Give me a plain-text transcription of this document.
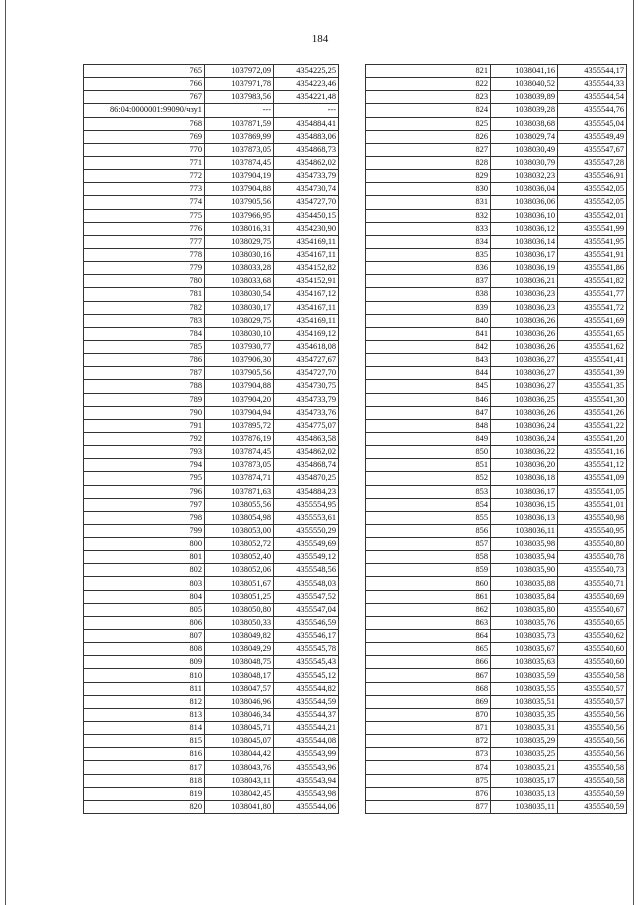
184
765	1037972,09	4354225,25
766	1037971,78	4354223,46
767	1037983,56	4354221,48
86:04:0000001:99090/чзу1	---	---
768	1037871,59	4354884,41
769	1037869,99	4354883,06
770	1037873,05	4354868,73
771	1037874,45	4354862,02
772	1037904,19	4354733,79
773	1037904,88	4354730,74
774	1037905,56	4354727,70
775	1037966,95	4354450,15
776	1038016,31	4354230,90
777	1038029,75	4354169,11
778	1038030,16	4354167,11
779	1038033,28	4354152,82
780	1038033,68	4354152,91
781	1038030,54	4354167,12
782	1038030,17	4354167,11
783	1038029,75	4354169,11
784	1038030,10	4354169,12
785	1037930,77	4354618,08
786	1037906,30	4354727,67
787	1037905,56	4354727,70
788	1037904,88	4354730,75
789	1037904,20	4354733,79
790	1037904,94	4354733,76
791	1037895,72	4354775,07
792	1037876,19	4354863,58
793	1037874,45	4354862,02
794	1037873,05	4354868,74
795	1037874,71	4354870,25
796	1037871,63	4354884,23
797	1038055,56	4355554,95
798	1038054,98	4355553,61
799	1038053,00	4355550,29
800	1038052,72	4355549,69
801	1038052,40	4355549,12
802	1038052,06	4355548,56
803	1038051,67	4355548,03
804	1038051,25	4355547,52
805	1038050,80	4355547,04
806	1038050,33	4355546,59
807	1038049,82	4355546,17
808	1038049,29	4355545,78
809	1038048,75	4355545,43
810	1038048,17	4355545,12
811	1038047,57	4355544,82
812	1038046,96	4355544,59
813	1038046,34	4355544,37
814	1038045,71	4355544,21
815	1038045,07	4355544,08
816	1038044,42	4355543,99
817	1038043,76	4355543,96
818	1038043,11	4355543,94
819	1038042,45	4355543,98
820	1038041,80	4355544,06
821	1038041,16	4355544,17
822	1038040,52	4355544,33
823	1038039,89	4355544,54
824	1038039,28	4355544,76
825	1038038,68	4355545,04
826	1038029,74	4355549,49
827	1038030,49	4355547,67
828	1038030,79	4355547,28
829	1038032,23	4355546,91
830	1038036,04	4355542,05
831	1038036,06	4355542,05
832	1038036,10	4355542,01
833	1038036,12	4355541,99
834	1038036,14	4355541,95
835	1038036,17	4355541,91
836	1038036,19	4355541,86
837	1038036,21	4355541,82
838	1038036,23	4355541,77
839	1038036,23	4355541,72
840	1038036,26	4355541,69
841	1038036,26	4355541,65
842	1038036,26	4355541,62
843	1038036,27	4355541,41
844	1038036,27	4355541,39
845	1038036,27	4355541,35
846	1038036,25	4355541,30
847	1038036,26	4355541,26
848	1038036,24	4355541,22
849	1038036,24	4355541,20
850	1038036,22	4355541,16
851	1038036,20	4355541,12
852	1038036,18	4355541,09
853	1038036,17	4355541,05
854	1038036,15	4355541,01
855	1038036,13	4355540,98
856	1038036,11	4355540,95
857	1038035,98	4355540,80
858	1038035,94	4355540,78
859	1038035,90	4355540,73
860	1038035,88	4355540,71
861	1038035,84	4355540,69
862	1038035,80	4355540,67
863	1038035,76	4355540,65
864	1038035,73	4355540,62
865	1038035,67	4355540,60
866	1038035,63	4355540,60
867	1038035,59	4355540,58
868	1038035,55	4355540,57
869	1038035,51	4355540,57
870	1038035,35	4355540,56
871	1038035,31	4355540,56
872	1038035,29	4355540,56
873	1038035,25	4355540,56
874	1038035,21	4355540,58
875	1038035,17	4355540,58
876	1038035,13	4355540,59
877	1038035,11	4355540,59
